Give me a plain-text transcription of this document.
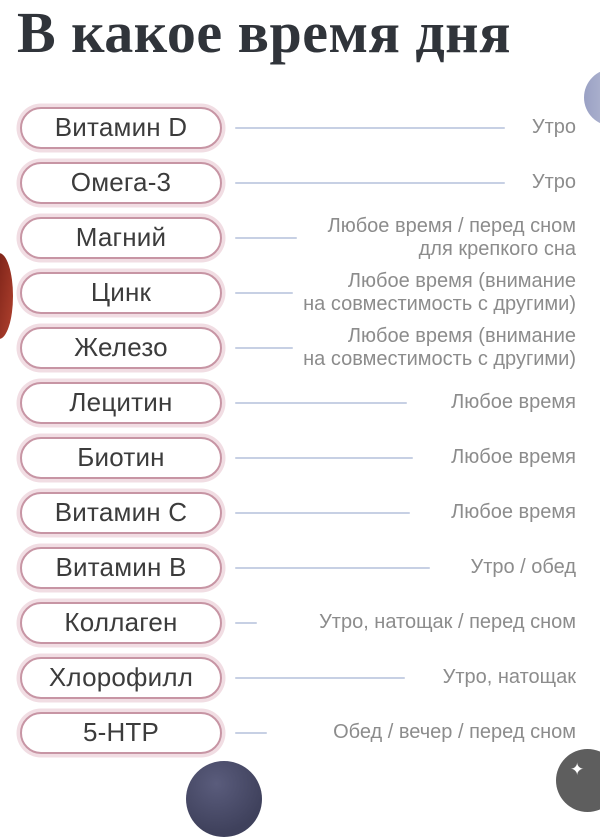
В какое время дня
Витамин D	Утро
Омега-3	Утро
Магний	Любое время / перед сном
для крепкого сна
Цинк	Любое время (внимание
на совместимость с другими)
Железо	Любое время (внимание
на совместимость с другими)
Лецитин	Любое время
Биотин	Любое время
Витамин C	Любое время
Витамин B	Утро / обед
Коллаген	Утро, натощак / перед сном
Хлорофилл	Утро, натощак
5-HTP	Обед / вечер / перед сном
✦
